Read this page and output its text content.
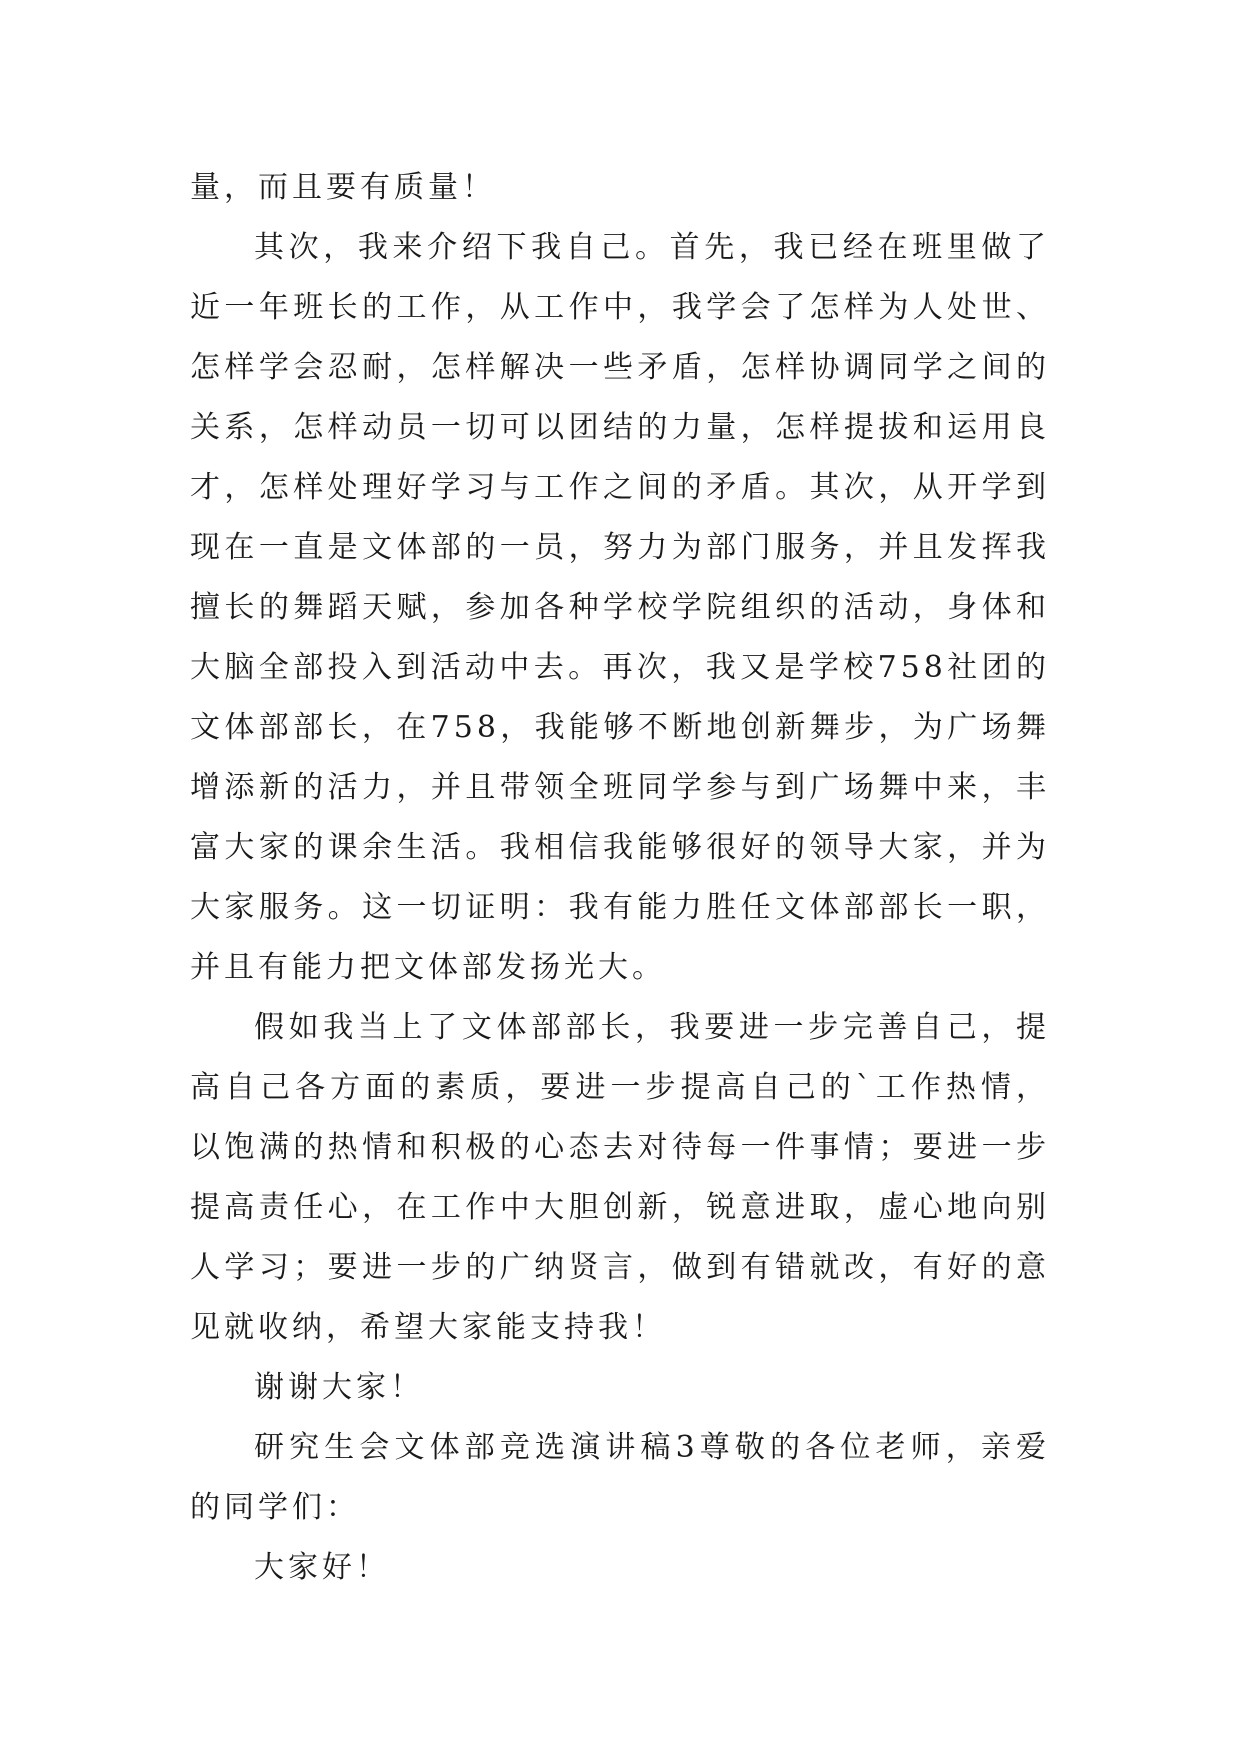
量，而且要有质量！

其次，我来介绍下我自己。首先，我已经在班里做了近一年班长的工作，从工作中，我学会了怎样为人处世、怎样学会忍耐，怎样解决一些矛盾，怎样协调同学之间的关系，怎样动员一切可以团结的力量，怎样提拔和运用良才，怎样处理好学习与工作之间的矛盾。其次，从开学到现在一直是文体部的一员，努力为部门服务，并且发挥我擅长的舞蹈天赋，参加各种学校学院组织的活动，身体和大脑全部投入到活动中去。再次，我又是学校758社团的文体部部长，在758，我能够不断地创新舞步，为广场舞增添新的活力，并且带领全班同学参与到广场舞中来，丰富大家的课余生活。我相信我能够很好的领导大家，并为大家服务。这一切证明：我有能力胜任文体部部长一职，并且有能力把文体部发扬光大。

假如我当上了文体部部长，我要进一步完善自己，提高自己各方面的素质，要进一步提高自己的`工作热情，以饱满的热情和积极的心态去对待每一件事情；要进一步提高责任心，在工作中大胆创新，锐意进取，虚心地向别人学习；要进一步的广纳贤言，做到有错就改，有好的意见就收纳，希望大家能支持我！

谢谢大家！

研究生会文体部竞选演讲稿3尊敬的各位老师，亲爱的同学们：

大家好！
